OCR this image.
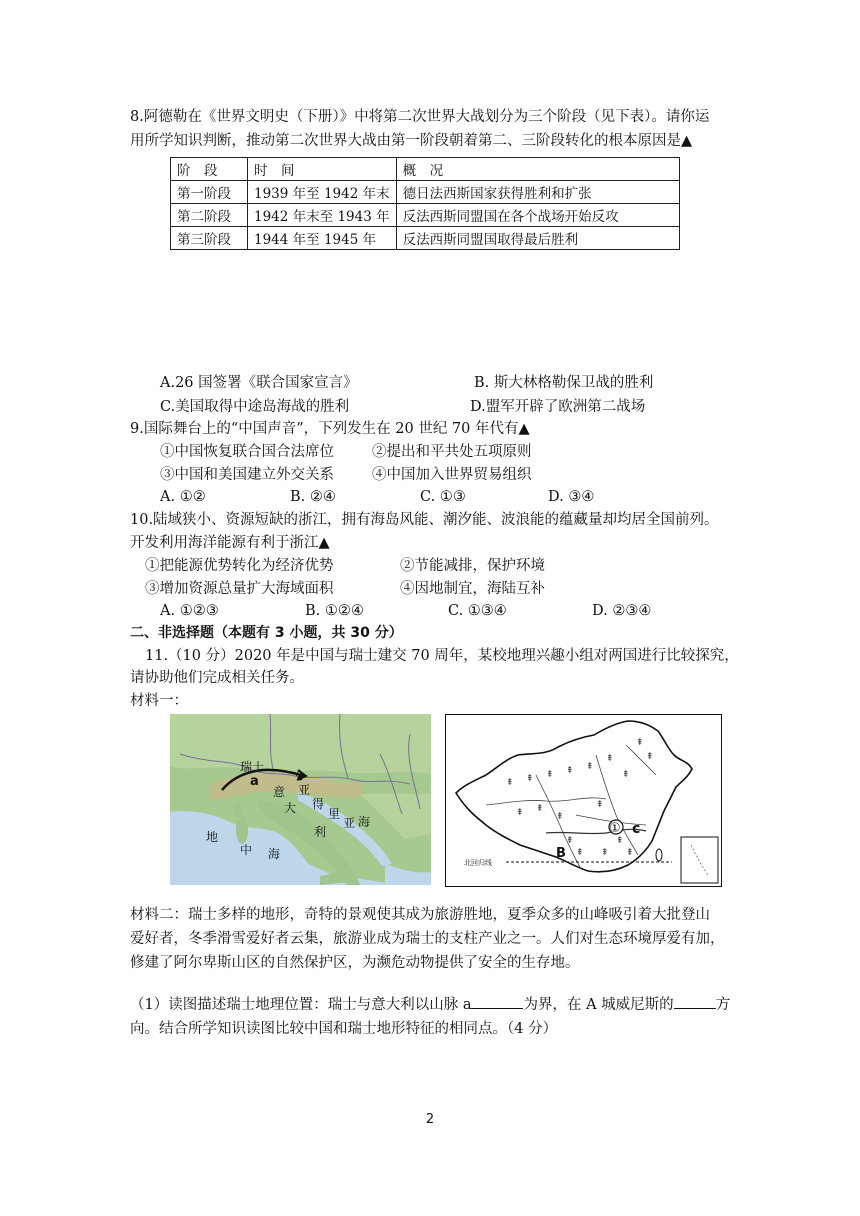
8.阿德勒在《世界文明史（下册）》中将第二次世界大战划分为三个阶段（见下表）。请你运
用所学知识判断，推动第二次世界大战由第一阶段朝着第二、三阶段转化的根本原因是▲
阶　段	时　间	概　况
第一阶段	1939 年至 1942 年末	德日法西斯国家获得胜利和扩张
第二阶段	1942 年末至 1943 年	反法西斯同盟国在各个战场开始反攻
第三阶段	1944 年至 1945 年	反法西斯同盟国取得最后胜利
A.26 国签署《联合国家宣言》	B. 斯大林格勒保卫战的胜利
C.美国取得中途岛海战的胜利	D.盟军开辟了欧洲第二战场
9.国际舞台上的“中国声音”，下列发生在 20 世纪 70 年代有▲
①中国恢复联合国合法席位	②提出和平共处五项原则
③中国和美国建立外交关系	④中国加入世界贸易组织
A. ①②	B. ②④	C. ①③	D. ③④
10.陆域狭小、资源短缺的浙江，拥有海岛风能、潮汐能、波浪能的蕴藏量却均居全国前列。
开发利用海洋能源有利于浙江▲
①把能源优势转化为经济优势	②节能减排，保护环境
③增加资源总量扩大海域面积	④因地制宜，海陆互补
A. ①②③	B. ①②④	C. ①③④	D. ②③④
二、非选择题（本题有 3 小题，共 30 分）
11.（10 分）2020 年是中国与瑞士建交 70 周年，某校地理兴趣小组对两国进行比较探究，
请协助他们完成相关任务。
材料一：
瑞士
a	A
意
大
利
亚
得
里
亚 海
地
中 海
⇞ ⇞ ⇞ ⇞ ⇞
⇞
⇞
⇞
⇞
⇞ ⇞
⇞
⇞
⇞
⇞
⇞
⇞
⇞
北回归线
① c
B
材料二：瑞士多样的地形，奇特的景观使其成为旅游胜地，夏季众多的山峰吸引着大批登山
爱好者，冬季滑雪爱好者云集，旅游业成为瑞士的支柱产业之一。人们对生态环境厚爱有加，
修建了阿尔卑斯山区的自然保护区，为濒危动物提供了安全的生存地。
（1）读图描述瑞士地理位置：瑞士与意大利以山脉 a	为界，在 A 城威尼斯的	方
向。结合所学知识读图比较中国和瑞士地形特征的相同点。（4 分）
2
